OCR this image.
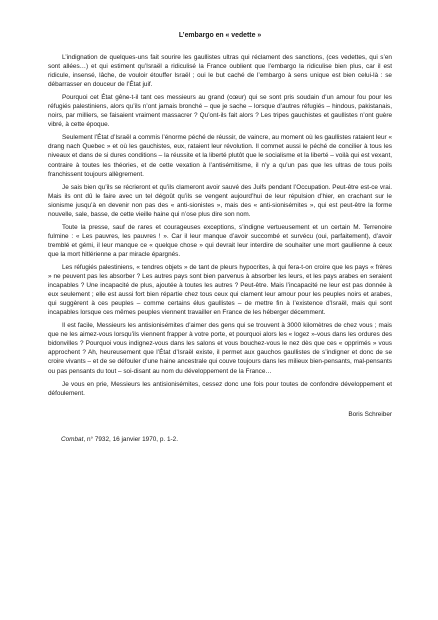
L’embargo en « vedette »

L’indignation de quelques-uns fait sourire les gaullistes ultras qui réclament des sanctions, (ces vedettes, qui s’en sont allées…) et qui estiment qu’Israël a ridiculisé la France oublient que l’embargo la ridiculise bien plus, car il est ridicule, insensé, lâche, de vouloir étouffer Israël ; oui le but caché de l’embargo à sens unique est bien celui-là : se débarrasser en douceur de l’État juif.

Pourquoi cet État gêne-t-il tant ces messieurs au grand (cœur) qui se sont pris soudain d’un amour fou pour les réfugiés palestiniens, alors qu’ils n’ont jamais bronché – que je sache – lorsque d’autres réfugiés – hindous, pakistanais, noirs, par milliers, se faisaient vraiment massacrer ? Qu’ont-ils fait alors ? Les tripes gauchistes et gaullistes n’ont guère vibré, à cette époque.

Seulement l’État d’Israël a commis l’énorme péché de réussir, de vaincre, au moment où les gaullistes rataient leur « drang nach Quebec » et où les gauchistes, eux, rataient leur révolution. Il commet aussi le péché de concilier à tous les niveaux et dans de si dures conditions – la réussite et la liberté plutôt que le socialisme et la liberté – voilà qui est vexant, contraire à toutes les théories, et de cette vexation à l’antisémitisme, il n’y a qu’un pas que les ultras de tous poils franchissent toujours allègrement.

Je sais bien qu’ils se récrieront et qu’ils clameront avoir sauvé des Juifs pendant l’Occupation. Peut-être est-ce vrai. Mais ils ont dû le faire avec un tel dégoût qu’ils se vengent aujourd’hui de leur répulsion d’hier, en crachant sur le sionisme jusqu’à en devenir non pas des « anti-sionistes », mais des « anti-sionisémites », qui est peut-être la forme nouvelle, sale, basse, de cette vieille haine qui n’ose plus dire son nom.

Toute la presse, sauf de rares et courageuses exceptions, s’indigne vertueusement et un certain M. Terrenoire fulmine : « Les pauvres, les pauvres ! ». Car il leur manque d’avoir succombé et survécu (oui, parfaitement), d’avoir tremblé et gémi, il leur manque ce « quelque chose » qui devrait leur interdire de souhaiter une mort gaullienne à ceux que la mort hitlérienne a par miracle épargnés.

Les réfugiés palestiniens, « tendres objets » de tant de pleurs hypocrites, à qui fera-t-on croire que les pays « frères » ne peuvent pas les absorber ? Les autres pays sont bien parvenus à absorber les leurs, et les pays arabes en seraient incapables ? Une incapacité de plus, ajoutée à toutes les autres ? Peut-être. Mais l’incapacité ne leur est pas donnée à eux seulement ; elle est aussi fort bien répartie chez tous ceux qui clament leur amour pour les peuples noirs et arabes, qui suggèrent à ces peuples – comme certains élus gaullistes – de mettre fin à l’existence d’Israël, mais qui sont incapables lorsque ces mêmes peuples viennent travailler en France de les héberger décemment.

Il est facile, Messieurs les antisionisémites d’aimer des gens qui se trouvent à 3000 kilomètres de chez vous ; mais que ne les aimez-vous lorsqu’ils viennent frapper à votre porte, et pourquoi alors les « logez »-vous dans les ordures des bidonvilles ? Pourquoi vous indignez-vous dans les salons et vous bouchez-vous le nez dès que ces « opprimés » vous approchent ? Ah, heureusement que l’État d’Israël existe, il permet aux gauchos gaullistes de s’indigner et donc de se croire vivants – et de se défouler d’une haine ancestrale qui couve toujours dans les milieux bien-pensants, mal-pensants ou pas pensants du tout – soi-disant au nom du développement de la France…

Je vous en prie, Messieurs les antisionisémites, cessez donc une fois pour toutes de confondre développement et défoulement.

Boris Schreiber
Combat, n° 7932, 16 janvier 1970, p. 1-2.
